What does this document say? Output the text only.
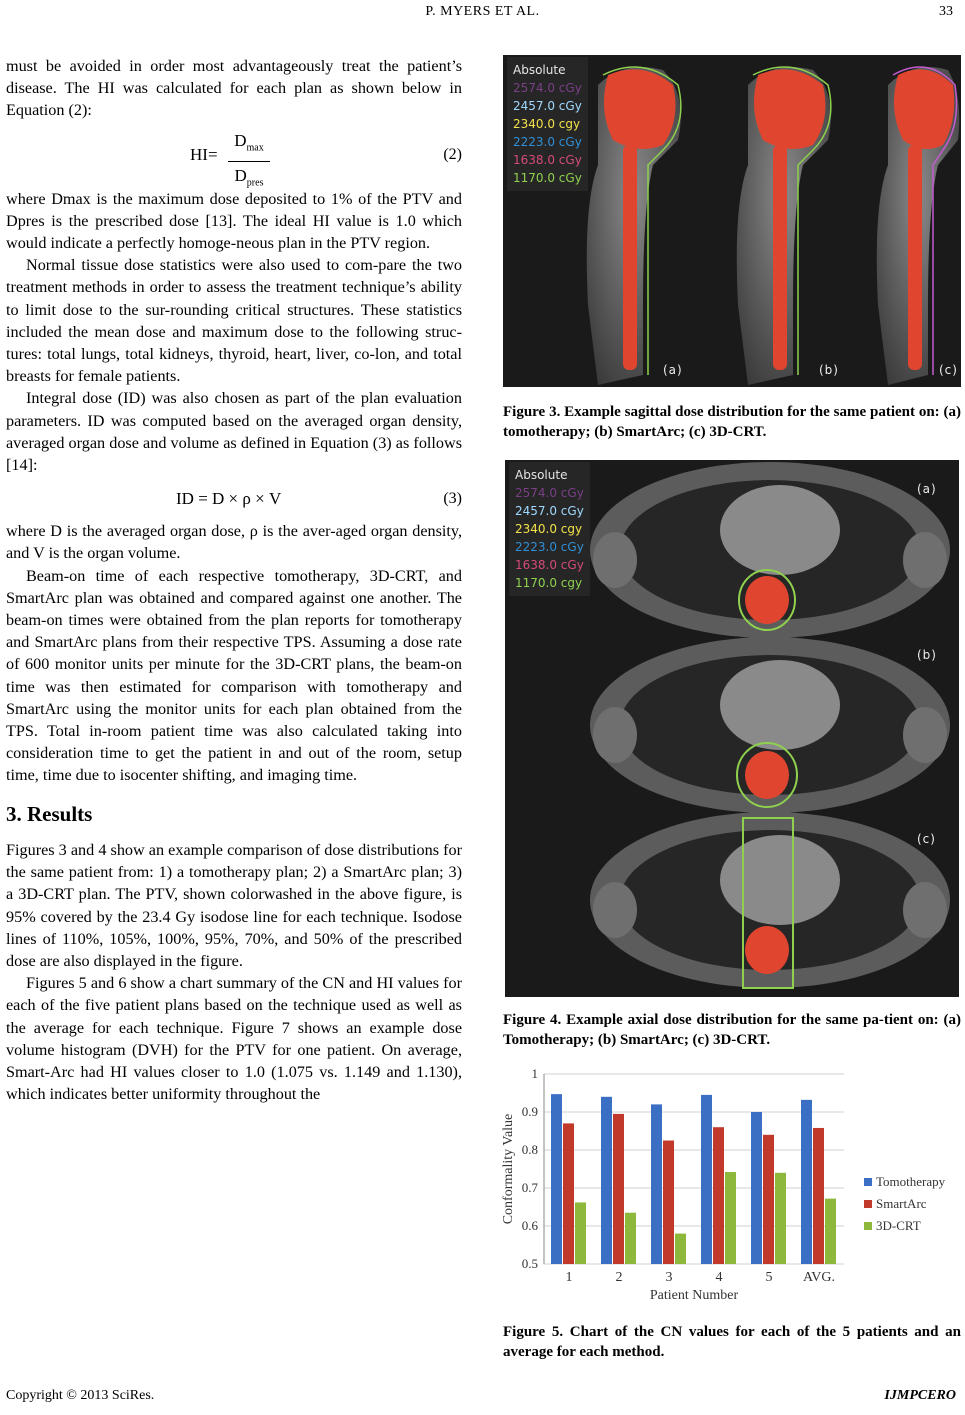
P. MYERS ET AL.	33

must be avoided in order most advantageously treat the patient’s disease. The HI was calculated for each plan as shown below in Equation (2):

HI=
$D_{max}$
$D_{pres}$
(2)

where Dmax is the maximum dose deposited to 1% of the PTV and Dpres is the prescribed dose [13]. The ideal HI value is 1.0 which would indicate a perfectly homoge-neous plan in the PTV region.

Normal tissue dose statistics were also used to com-pare the two treatment methods in order to assess the treatment technique’s ability to limit dose to the sur-rounding critical structures. These statistics included the mean dose and maximum dose to the following struc-tures: total lungs, total kidneys, thyroid, heart, liver, co-lon, and total breasts for female patients.

Integral dose (ID) was also chosen as part of the plan evaluation parameters. ID was computed based on the averaged organ density, averaged organ dose and volume as defined in Equation (3) as follows [14]:

ID = D × ρ × V	(3)

where D is the averaged organ dose, ρ is the aver-aged organ density, and V is the organ volume.

Beam-on time of each respective tomotherapy, 3D-CRT, and SmartArc plan was obtained and compared against one another. The beam-on times were obtained from the plan reports for tomotherapy and SmartArc plans from their respective TPS. Assuming a dose rate of 600 monitor units per minute for the 3D-CRT plans, the beam-on time was then estimated for comparison with tomotherapy and SmartArc using the monitor units for each plan obtained from the TPS. Total in-room patient time was also calculated taking into consideration time to get the patient in and out of the room, setup time, time due to isocenter shifting, and imaging time.

3. Results

Figures 3 and 4 show an example comparison of dose distributions for the same patient from: 1) a tomotherapy plan; 2) a SmartArc plan; 3) a 3D-CRT plan. The PTV, shown colorwashed in the above figure, is 95% covered by the 23.4 Gy isodose line for each technique. Isodose lines of 110%, 105%, 100%, 95%, 70%, and 50% of the prescribed dose are also displayed in the figure.

Figures 5 and 6 show a chart summary of the CN and HI values for each of the five patient plans based on the technique used as well as the average for each technique. Figure 7 shows an example dose volume histogram (DVH) for the PTV for one patient. On average, Smart-Arc had HI values closer to 1.0 (1.075 vs. 1.149 and 1.130), which indicates better uniformity throughout the

Absolute
2574.0 cGy
2457.0 cGy
2340.0 cgy
2223.0 cGy
1638.0 cGy
1170.0 cGy
(a)	(b)	(c)
Figure 3. Example sagittal dose distribution for the same patient on: (a) tomotherapy; (b) SmartArc; (c) 3D-CRT.
Absolute
2574.0 cGy
2457.0 cGy
2340.0 cgy
2223.0 cGy
1638.0 cGy
1170.0 cgy
(a)
(b)
(c)
Figure 4. Example axial dose distribution for the same pa-tient on: (a) Tomotherapy; (b) SmartArc; (c) 3D-CRT.
0.5
0.6
0.7
0.8
0.9
1
1	2	3	4	5 AVG.
Patient Number
Conformality Value	Tomotherapy
SmartArc
3D-CRT
Figure 5. Chart of the CN values for each of the 5 patients and an average for each method.
Copyright © 2013 SciRes.	IJMPCERO
